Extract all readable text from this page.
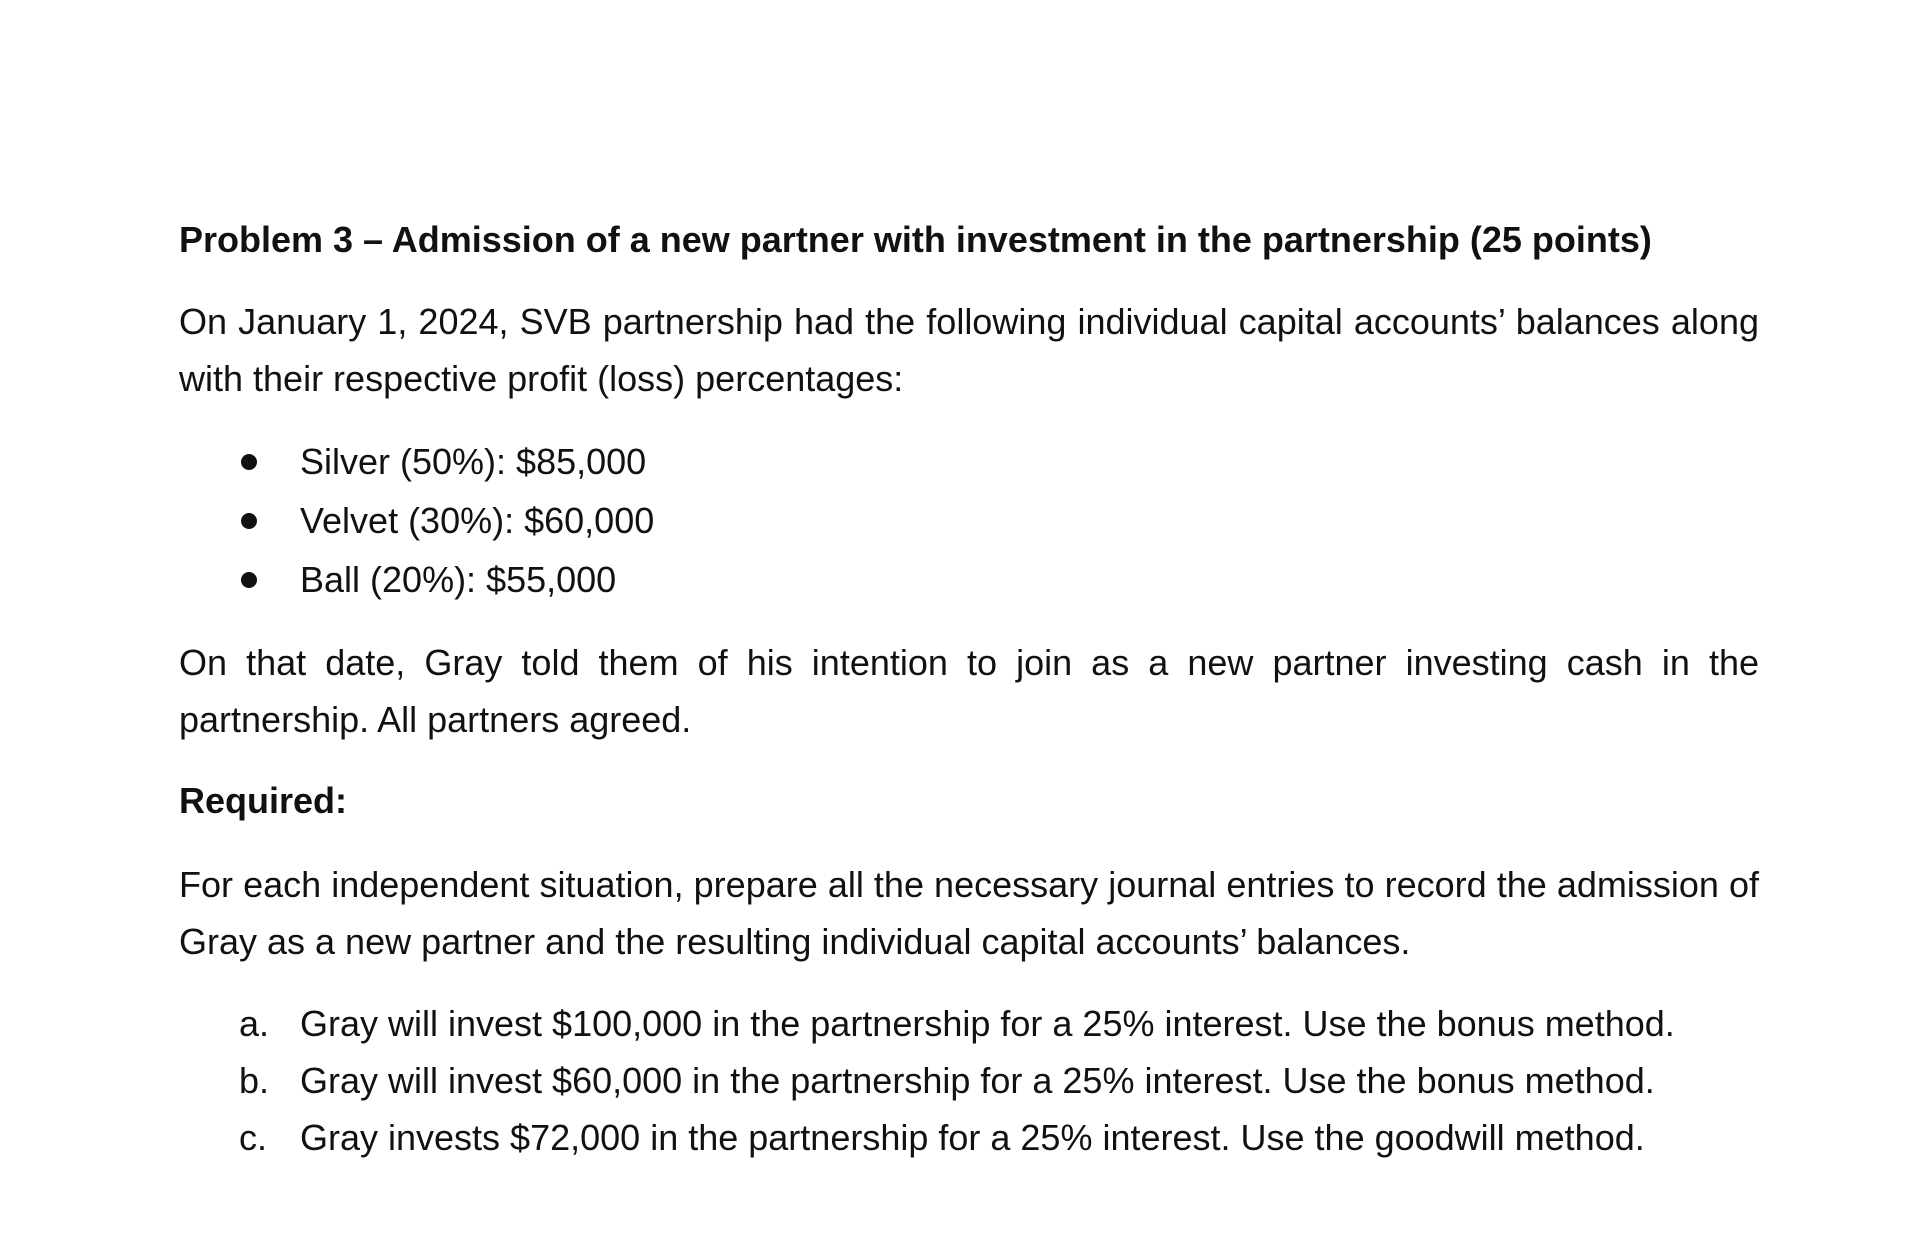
Problem 3 – Admission of a new partner with investment in the partnership (25 points)

On January 1, 2024, SVB partnership had the following individual capital accounts’ balances along with their respective profit (loss) percentages:

Silver (50%): $85,000
Velvet (30%): $60,000
Ball (20%): $55,000

On that date, Gray told them of his intention to join as a new partner investing cash in the partnership. All partners agreed.

Required:

For each independent situation, prepare all the necessary journal entries to record the admission of Gray as a new partner and the resulting individual capital accounts’ balances.

a. Gray will invest $100,000 in the partnership for a 25% interest. Use the bonus method.
b. Gray will invest $60,000 in the partnership for a 25% interest. Use the bonus method.
c. Gray invests $72,000 in the partnership for a 25% interest. Use the goodwill method.
